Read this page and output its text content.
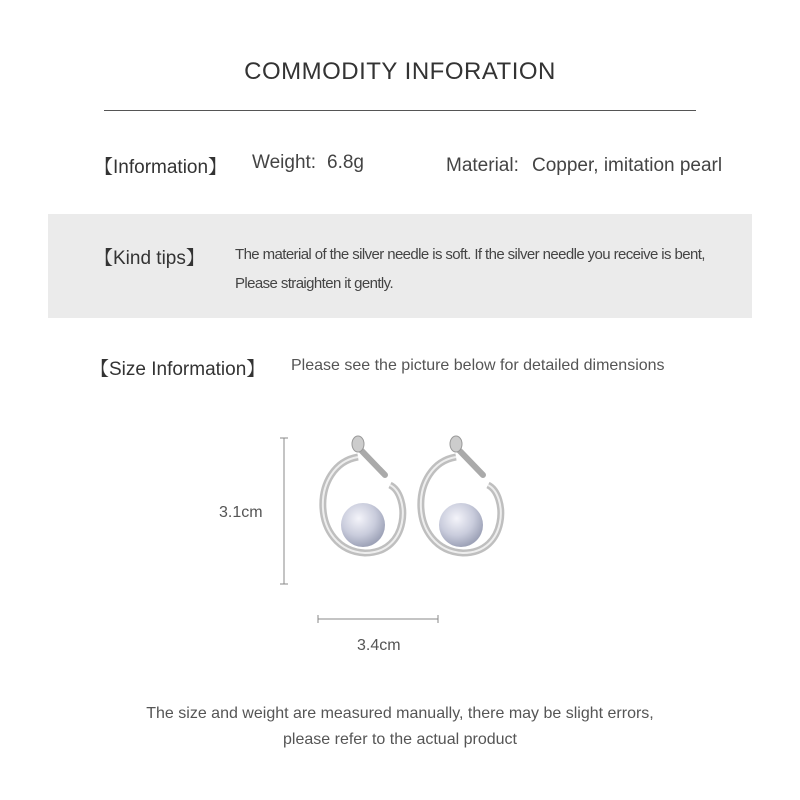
COMMODITY INFORATION
【Information】 Weight: 6.8g	Material: Copper, imitation pearl
【Kind tips】 The material of the silver needle is soft. If the silver needle you receive is bent,
Please straighten it gently.
【Size Information】 Please see the picture below for detailed dimensions
3.1cm
3.4cm
The size and weight are measured manually, there may be slight errors,
please refer to the actual product
